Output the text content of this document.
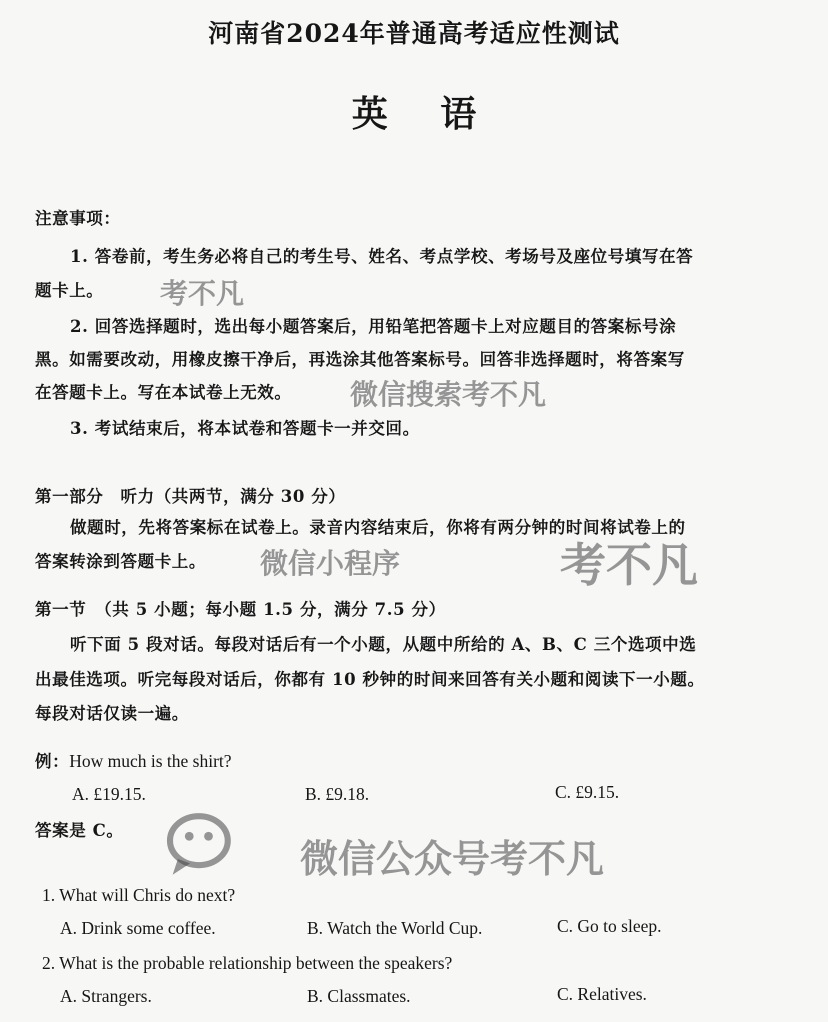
河南省2024年普通高考适应性测试
英 语
注意事项：
1. 答卷前，考生务必将自己的考生号、姓名、考点学校、考场号及座位号填写在答
题卡上。
2. 回答选择题时，选出每小题答案后，用铅笔把答题卡上对应题目的答案标号涂
黑。如需要改动，用橡皮擦干净后，再选涂其他答案标号。回答非选择题时，将答案写
在答题卡上。写在本试卷上无效。
3. 考试结束后，将本试卷和答题卡一并交回。
第一部分　听力（共两节，满分 30 分）
做题时，先将答案标在试卷上。录音内容结束后，你将有两分钟的时间将试卷上的
答案转涂到答题卡上。
第一节　（共 5 小题；每小题 1.5 分，满分 7.5 分）
听下面 5 段对话。每段对话后有一个小题，从题中所给的 A、B、C 三个选项中选
出最佳选项。听完每段对话后，你都有 10 秒钟的时间来回答有关小题和阅读下一小题。
每段对话仅读一遍。
例：How much is the shirt?
A. £19.15.	B. £9.18.	C. £9.15.
答案是 C。
1. What will Chris do next?
A. Drink some coffee.	B. Watch the World Cup.	C. Go to sleep.
2. What is the probable relationship between the speakers?
A. Strangers.	B. Classmates.	C. Relatives.
考不凡
微信搜索考不凡
微信小程序	考不凡
微信公众号考不凡
